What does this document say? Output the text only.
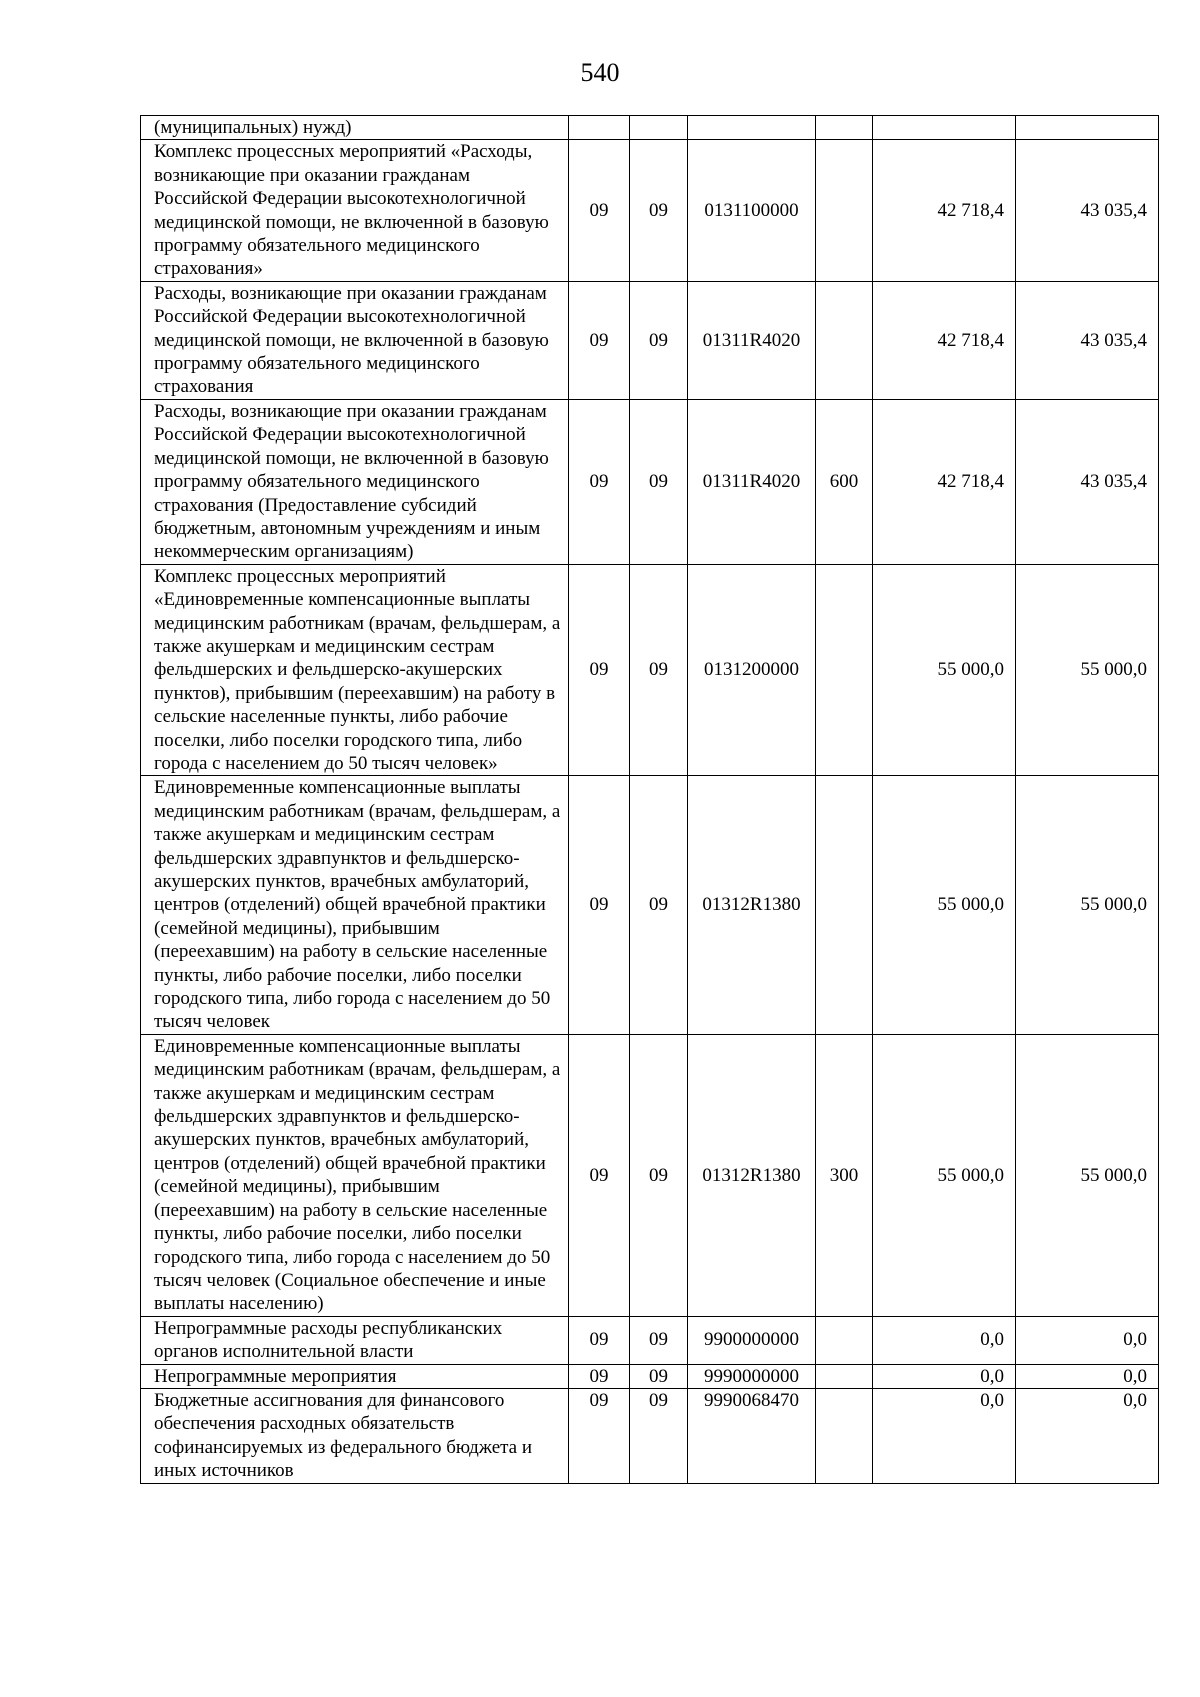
540
(муниципальных) нужд)						
Комплекс процессных мероприятий «Расходы, возникающие при оказании гражданам Российской Федерации высокотехнологичной медицинской помощи, не включенной в базовую программу обязательного медицинского страхования»	09	09	0131100000		42 718,4	43 035,4
Расходы, возникающие при оказании гражданам Российской Федерации высокотехнологичной медицинской помощи, не включенной в базовую программу обязательного медицинского страхования	09	09	01311R4020		42 718,4	43 035,4
Расходы, возникающие при оказании гражданам Российской Федерации высокотехнологичной медицинской помощи, не включенной в базовую программу обязательного медицинского страхования (Предоставление субсидий бюджетным, автономным учреждениям и иным некоммерческим организациям)	09	09	01311R4020	600	42 718,4	43 035,4
Комплекс процессных мероприятий «Единовременные компенсационные выплаты медицинским работникам (врачам, фельдшерам, а также акушеркам и медицинским сестрам фельдшерских и фельдшерско-акушерских пунктов), прибывшим (переехавшим) на работу в сельские населенные пункты, либо рабочие поселки, либо поселки городского типа, либо города с населением до 50 тысяч человек»	09	09	0131200000		55 000,0	55 000,0
Единовременные компенсационные выплаты медицинским работникам (врачам, фельдшерам, а также акушеркам и медицинским сестрам фельдшерских здравпунктов и фельдшерско-акушерских пунктов, врачебных амбулаторий, центров (отделений) общей врачебной практики (семейной медицины), прибывшим (переехавшим) на работу в сельские населенные пункты, либо рабочие поселки, либо поселки городского типа, либо города с населением до 50 тысяч человек	09	09	01312R1380		55 000,0	55 000,0
Единовременные компенсационные выплаты медицинским работникам (врачам, фельдшерам, а также акушеркам и медицинским сестрам фельдшерских здравпунктов и фельдшерско-акушерских пунктов, врачебных амбулаторий, центров (отделений) общей врачебной практики (семейной медицины), прибывшим (переехавшим) на работу в сельские населенные пункты, либо рабочие поселки, либо поселки городского типа, либо города с населением до 50 тысяч человек (Социальное обеспечение и иные выплаты населению)	09	09	01312R1380	300	55 000,0	55 000,0
Непрограммные расходы республиканских органов исполнительной власти	09	09	9900000000		0,0	0,0
Непрограммные мероприятия	09	09	9990000000		0,0	0,0
Бюджетные ассигнования для финансового обеспечения расходных обязательств софинансируемых из федерального бюджета и иных источников	09	09	9990068470		0,0	0,0
